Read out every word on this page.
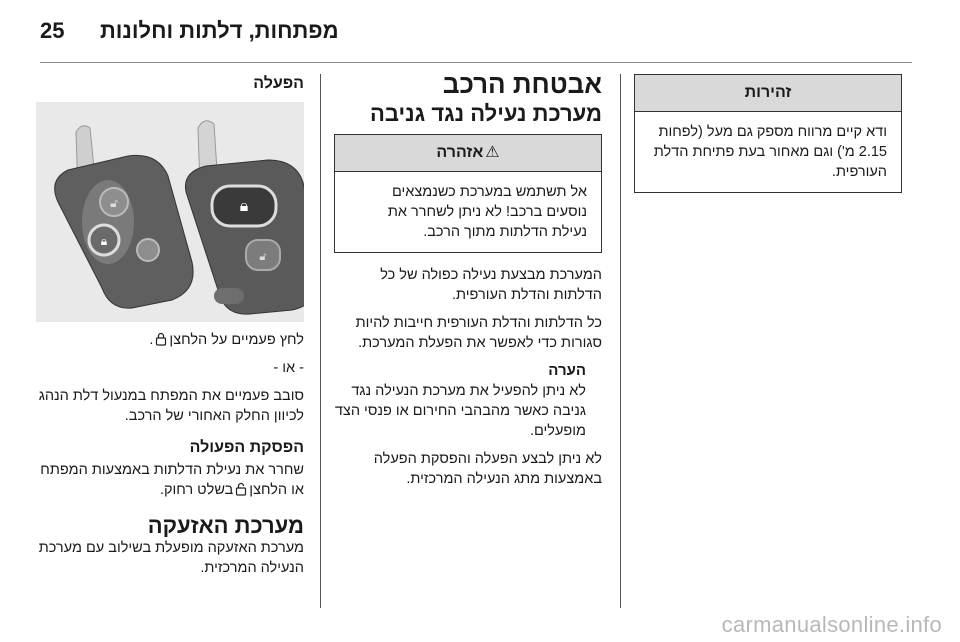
25 מפתחות, דלתות וחלונות
הפעלה
🔓︎
🔒︎
🔒︎
🔓︎

לחץ פעמיים על הלחצן.

- או -

סובב פעמיים את המפתח במנעול דלת הנהג לכיוון החלק האחורי של הרכב.

הפסקת הפעולה

שחרר את נעילת הדלתות באמצעות המפתח או הלחצןבשלט רחוק.

מערכת האזעקה

מערכת האזעקה מופעלת בשילוב עם מערכת הנעילה המרכזית.

אבטחת הרכב
מערכת נעילה נגד גניבה
⚠אזהרה
אל תשתמש במערכת כשנמצאים נוסעים ברכב! לא ניתן לשחרר את נעילת הדלתות מתוך הרכב.

המערכת מבצעת נעילה כפולה של כל הדלתות והדלת העורפית.

כל הדלתות והדלת העורפית חייבות להיות סגורות כדי לאפשר את הפעלת המערכת.

הערה

לא ניתן להפעיל את מערכת הנעילה נגד גניבה כאשר מהבהבי החירום או פנסי הצד מופעלים.

לא ניתן לבצע הפעלה והפסקת הפעלה באמצעות מתג הנעילה המרכזית.

זהירות
ודא קיים מרווח מספק גם מעל (לפחות 2.15 מ') וגם מאחור בעת פתיחת הדלת העורפית.
carmanualsonline.info
